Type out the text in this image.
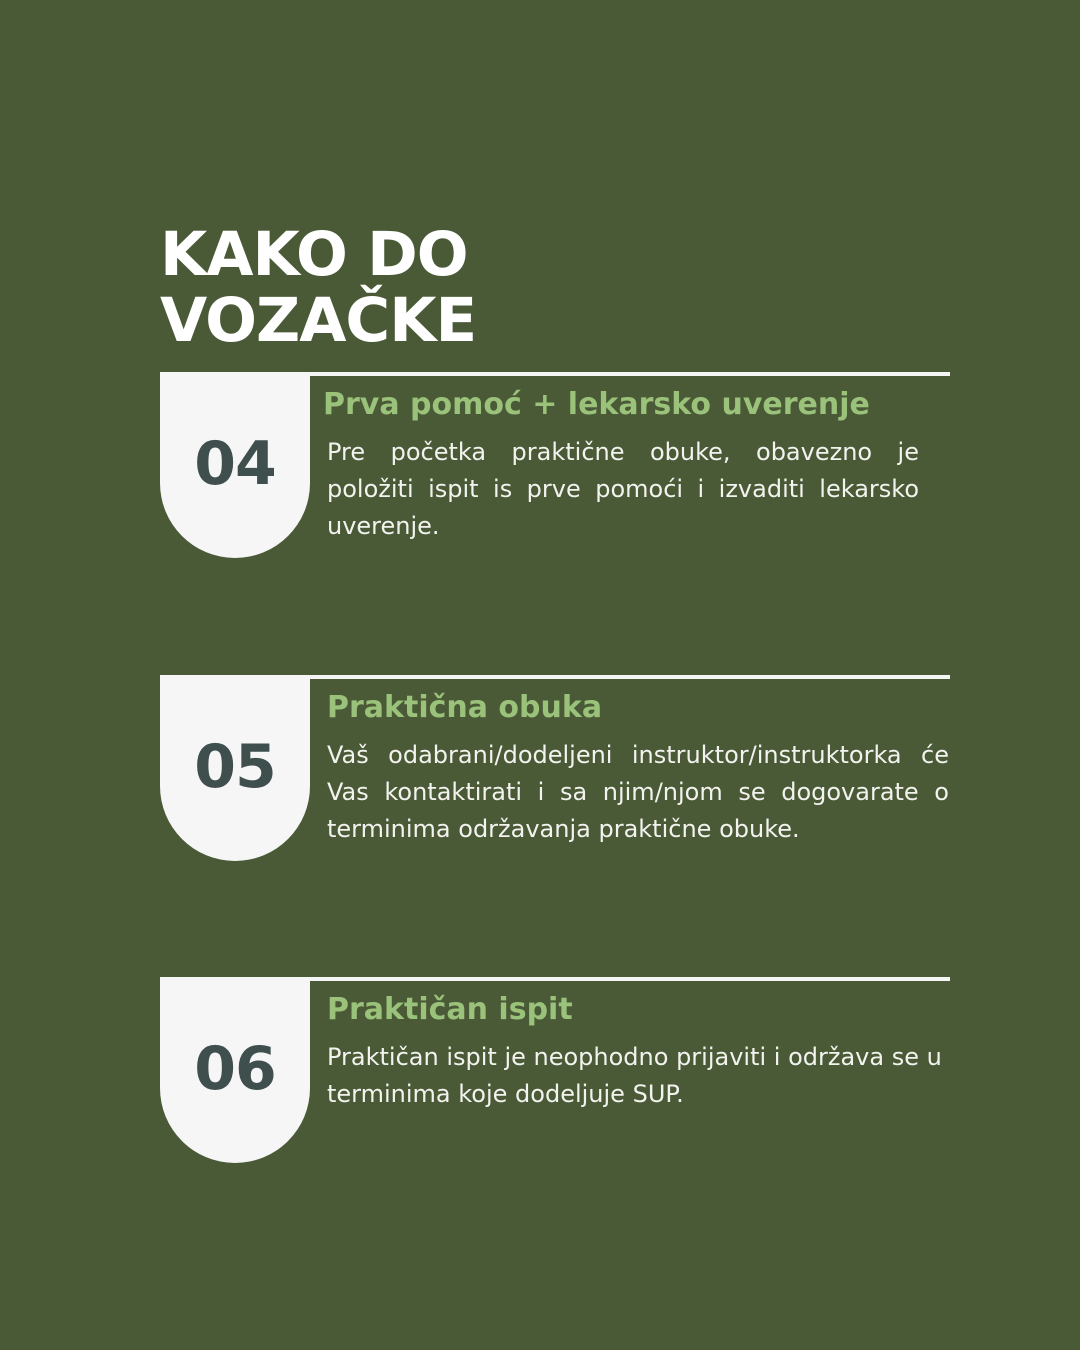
KAKO DO
VOZAČKE
04
Prva pomoć + lekarsko uverenje

Pre početka praktične obuke, obavezno je položiti ispit is prve pomoći i izvaditi lekarsko uverenje.

05
Praktična obuka

Vaš odabrani/dodeljeni instruktor/instruktorka će Vas kontaktirati i sa njim/njom se dogovarate o terminima održavanja praktične obuke.

06
Praktičan ispit

Praktičan ispit je neophodno prijaviti i održava se u terminima koje dodeljuje SUP.
